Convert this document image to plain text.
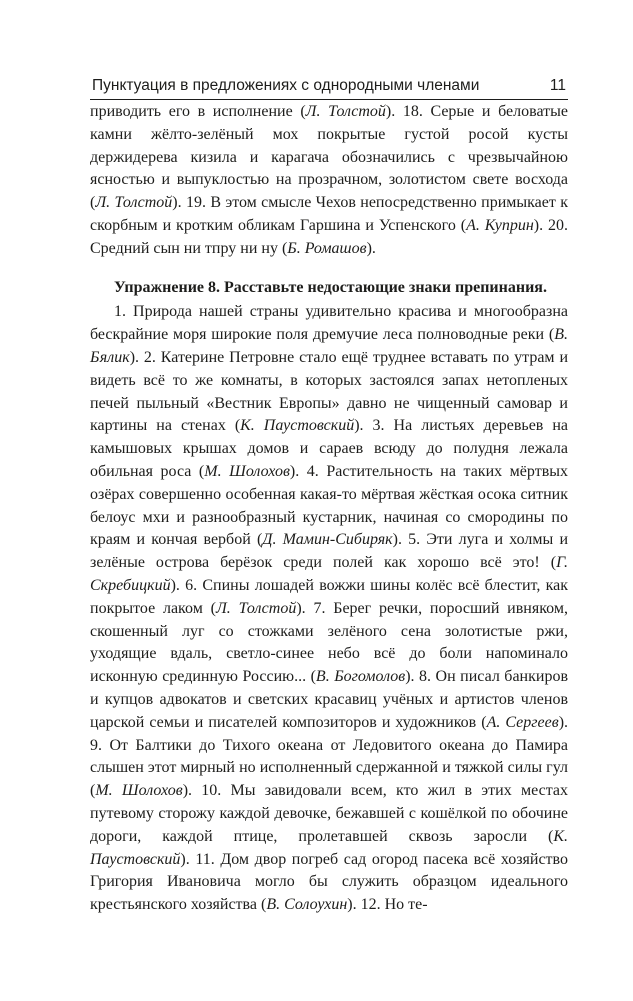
Пунктуация в предложениях с однородными членами	11

приводить его в исполнение (Л. Толстой). 18. Серые и беловатые камни жёлто-зелёный мох покрытые густой росой кусты держидерева кизила и карагача обозначились с чрезвычайною ясностью и выпуклостью на прозрачном, золотистом свете восхода (Л. Толстой). 19. В этом смысле Чехов непосредственно примыкает к скорбным и кротким обликам Гаршина и Успенского (А. Куприн). 20. Средний сын ни тпру ни ну (Б. Ромашов).

Упражнение 8. Расставьте недостающие знаки препинания.

1. Природа нашей страны удивительно красива и многообразна бескрайние моря широкие поля дремучие леса полноводные реки (В. Бялик). 2. Катерине Петровне стало ещё труднее вставать по утрам и видеть всё то же комнаты, в которых застоялся запах нетопленых печей пыльный «Вестник Европы» давно не чищенный самовар и картины на стенах (К. Паустовский). 3. На листьях деревьев на камышовых крышах домов и сараев всюду до полудня лежала обильная роса (М. Шолохов). 4. Растительность на таких мёртвых озёрах совершенно особенная какая-то мёртвая жёсткая осока ситник белоус мхи и разнообразный кустарник, начиная со смородины по краям и кончая вербой (Д. Мамин-Сибиряк). 5. Эти луга и холмы и зелёные острова берёзок среди полей как хорошо всё это! (Г. Скребицкий). 6. Спины лошадей вожжи шины колёс всё блестит, как покрытое лаком (Л. Толстой). 7. Берег речки, поросший ивняком, скошенный луг со стожками зелёного сена золотистые ржи, уходящие вдаль, светло-синее небо всё до боли напоминало исконную срединную Россию... (В. Богомолов). 8. Он писал банкиров и купцов адвокатов и светских красавиц учёных и артистов членов царской семьи и писателей композиторов и художников (А. Сергеев). 9. От Балтики до Тихого океана от Ледовитого океана до Памира слышен этот мирный но исполненный сдержанной и тяжкой силы гул (М. Шолохов). 10. Мы завидовали всем, кто жил в этих местах путевому сторожу каждой девочке, бежавшей с кошёлкой по обочине дороги, каждой птице, пролетавшей сквозь заросли (К. Паустовский). 11. Дом двор погреб сад огород пасека всё хозяйство Григория Ивановича могло бы служить образцом идеального крестьянского хозяйства (В. Солоухин). 12. Но те-
